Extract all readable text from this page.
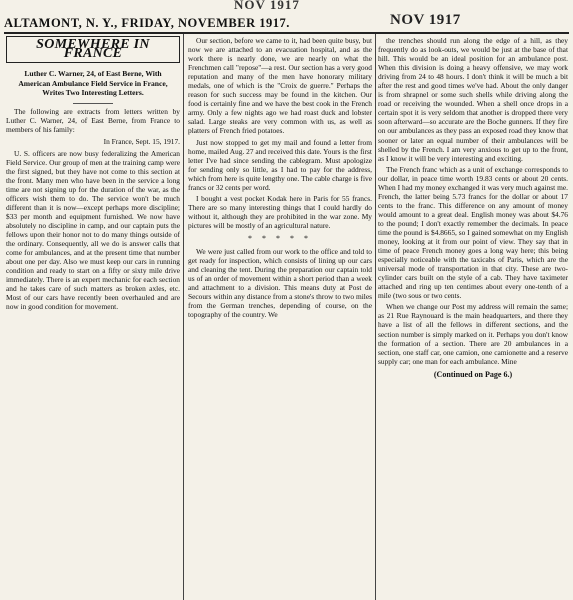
NOV 1917
ALTAMONT, N. Y., FRIDAY, NOVEMBER 1917.	NOV 1917
SOMEWHERE IN FRANCE
Luther C. Warner, 24, of East Berne, With American Ambulance Field Service in France, Writes Two Interesting Letters.

The following are extracts from letters written by Luther C. Warner, 24, of East Berne, from France to members of his family:

In France, Sept. 15, 1917.

U. S. officers are now busy federalizing the American Field Service. Our group of men at the training camp were the first signed, but they have not come to this section at the front. Many men who have been in the service a long time are not signing up for the duration of the war, as the officers wish them to do. The service won't be much different than it is now—except perhaps more discipline; $33 per month and equipment furnished. We now have absolutely no discipline in camp, and our captain puts the fellows upon their honor not to do many things outside of the ordinary. Consequently, all we do is answer calls that come for ambulances, and at the present time that number about one per day. Also we must keep our cars in running condition and ready to start on a fifty or sixty mile drive immediately. There is an expert mechanic for each section and he takes care of such matters as broken axles, etc. Most of our cars have recently been overhauled and are now in good condition for movement.

Our section, before we came to it, had been quite busy, but now we are attached to an evacuation hospital, and as the work there is nearly done, we are nearly on what the Frenchmen call "repose"—a rest. Our section has a very good reputation and many of the men have honorary military medals, one of which is the "Croix de guerre." Perhaps the reason for such success may be found in the kitchen. Our food is certainly fine and we have the best cook in the French army. Only a few nights ago we had roast duck and lobster salad. Large steaks are very common with us, as well as platters of French fried potatoes.

Just now stopped to get my mail and found a letter from home, mailed Aug. 27 and received this date. Yours is the first letter I've had since sending the cablegram. Must apologize for sending only so little, as I had to pay for the address, which from here is quite lengthy one. The cable charge is five francs or 32 cents per word.

I bought a vest pocket Kodak here in Paris for 55 francs. There are so many interesting things that I could hardly do without it, although they are prohibited in the war zone. My pictures will be mostly of an agricultural nature.

* * * * *

We were just called from our work to the office and told to get ready for inspection, which consists of lining up our cars and cleaning the tent. During the preparation our captain told us of an order of movement within a short period than a week and attachment to a division. This means duty at Post de Secours within any distance from a stone's throw to two miles from the German trenches, depending of course, on the topography of the country. We

the trenches should run along the edge of a hill, as they frequently do as look-outs, we would be just at the base of that hill. This would be an ideal position for an ambulance post. When this division is doing a heavy offensive, we may work driving from 24 to 48 hours. I don't think it will be much a bit after the rest and good times we've had. About the only danger is from shrapnel or some such shells while driving along the road or receiving the wounded. When a shell once drops in a certain spot it is very seldom that another is dropped there very soon afterward—so accurate are the Boche gunners. If they fire on our ambulances as they pass an exposed road they know that sooner or later an equal number of their ambulances will be shelled by the French. I am very anxious to get up to the front, as I know it will be very interesting and exciting.

The French franc which as a unit of exchange corresponds to our dollar, in peace time worth 19.83 cents or about 20 cents. When I had my money exchanged it was very much against me. French, the latter being 5.73 francs for the dollar or about 17 cents to the franc. This difference on any amount of money would amount to a great deal. English money was about $4.76 to the pound; I don't exactly remember the decimals. In peace time the pound is $4.8665, so I gained somewhat on my English money, looking at it from our point of view. They say that in time of peace French money goes a long way here; this being especially noticeable with the taxicabs of Paris, which are the universal mode of transportation in that city. These are two-cylinder cars built on the style of a cab. They have taximeter attached and ring up ten centimes about every one-tenth of a mile (two sous or two cents.

When we change our Post my address will remain the same; as 21 Rue Raynouard is the main headquarters, and there they have a list of all the fellows in different sections, and the section number is simply marked on it. Perhaps you don't know the formation of a section. There are 20 ambulances in a section, one staff car, one camion, one camionette and a reserve supply car; one man for each ambulance. Mine

(Continued on Page 6.)
